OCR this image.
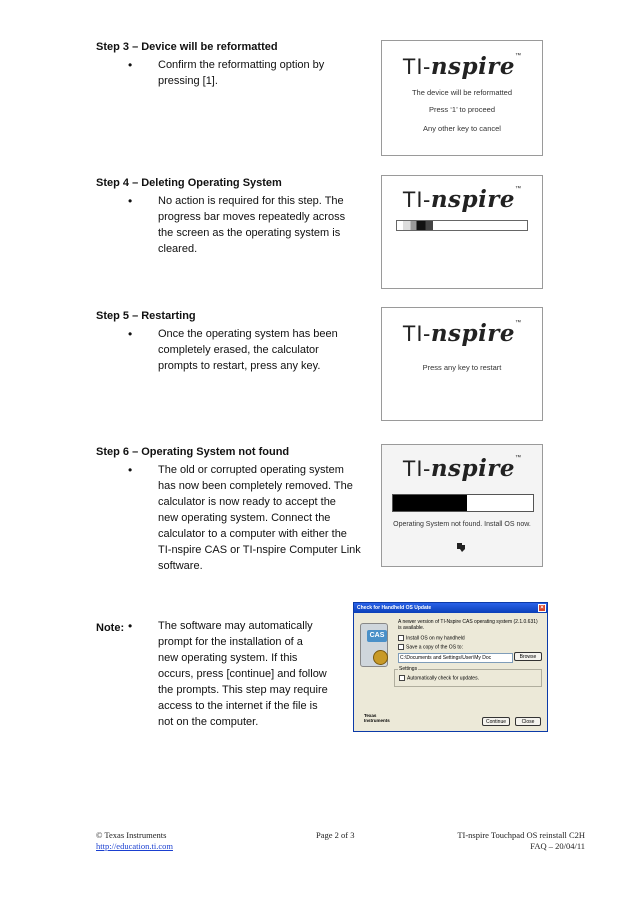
Step 3 – Device will be reformatted
• Confirm the reformatting option by
pressing [1].
TI-nspire™
The device will be reformatted
Press ‘1’ to proceed
Any other key to cancel
Step 4 – Deleting Operating System
• No action is required for this step. The
progress bar moves repeatedly across
the screen as the operating system is
cleared.
TI-nspire™
Step 5 – Restarting
• Once the operating system has been
completely erased, the calculator
prompts to restart, press any key.
TI-nspire™
Press any key to restart
Step 6 – Operating System not found
• The old or corrupted operating system
has now been completely removed. The
calculator is now ready to accept the
new operating system. Connect the
calculator to a computer with either the
TI-nspire CAS or TI-nspire Computer Link
software.
TI-nspire™
Operating System not found. Install OS now.
Note:
•	The software may automatically
prompt for the installation of a
new operating system. If this
occurs, press [continue] and follow
the prompts. This step may require
access to the internet if the file is
not on the computer.
Check for Handheld OS Update	×
CAS
A newer version of TI-Nspire CAS operating system (2.1.0.631) is available.
Install OS on my handheld
Save a copy of the OS to:
C:\Documents and Settings\User\My Doc	Browse
Settings
Automatically check for updates.
Texas
Instruments	Continue	Close
© Texas Instruments
http://education.ti.com
Page 2 of 3	TI-nspire Touchpad OS reinstall C2H
FAQ – 20/04/11
